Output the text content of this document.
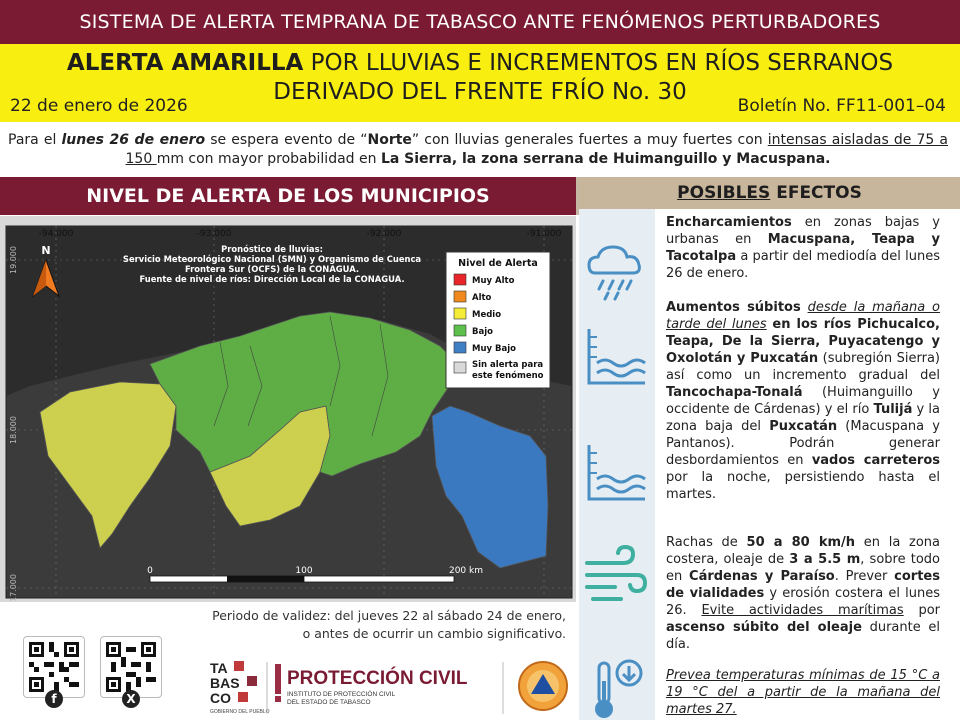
SISTEMA DE ALERTA TEMPRANA DE TABASCO ANTE FENÓMENOS PERTURBADORES
ALERTA AMARILLA POR LLUVIAS E INCREMENTOS EN RÍOS SERRANOS
DERIVADO DEL FRENTE FRÍO No. 30
22 de enero de 2026	Boletín No. FF11-001–04
Para el lunes 26 de enero se espera evento de “Norte” con lluvias generales fuertes a muy fuertes con intensas aisladas de 75 a 150 mm con mayor probabilidad en La Sierra, la zona serrana de Huimanguillo y Macuspana.
NIVEL DE ALERTA DE LOS MUNICIPIOS
-94.000	-93.000	-92.000	-91.000
19.000
18.000
17.000
N	Pronóstico de lluvias:
Servicio Meteorológico Nacional (SMN) y Organismo de Cuenca
Frontera Sur (OCFS) de la CONAGUA.
Fuente de nivel de ríos: Dirección Local de la CONAGUA.
Nivel de Alerta
Muy Alto
Alto
Medio
Bajo
Muy Bajo
Sin alerta para
este fenómeno
0	100	200 km
Periodo de validez: del jueves 22 al sábado 24 de enero,
o antes de ocurrir un cambio significativo.
f	X
TA
BAS
CO
GOBIERNO DEL PUEBLO
PROTECCIÓN CIVIL
INSTITUTO DE PROTECCIÓN CIVIL
DEL ESTADO DE TABASCO
POSIBLES EFECTOS
Encharcamientos en zonas bajas y urbanas en Macuspana, Teapa y Tacotalpa a partir del mediodía del lunes 26 de enero.
Aumentos súbitos desde la mañana o tarde del lunes en los ríos Pichucalco, Teapa, De la Sierra, Puyacatengo y Oxolotán y Puxcatán (subregión Sierra) así como un incremento gradual del Tancochapa-Tonalá (Huimanguillo y occidente de Cárdenas) y el río Tulijá y la zona baja del Puxcatán (Macuspana y Pantanos). Podrán generar desbordamientos en vados carreteros por la noche, persistiendo hasta el martes.
Rachas de 50 a 80 km/h en la zona costera, oleaje de 3 a 5.5 m, sobre todo en Cárdenas y Paraíso. Prever cortes de vialidades y erosión costera el lunes 26. Evite actividades marítimas por ascenso súbito del oleaje durante el día.
Prevea temperaturas mínimas de 15 °C a 19 °C del a partir de la mañana del martes 27.
